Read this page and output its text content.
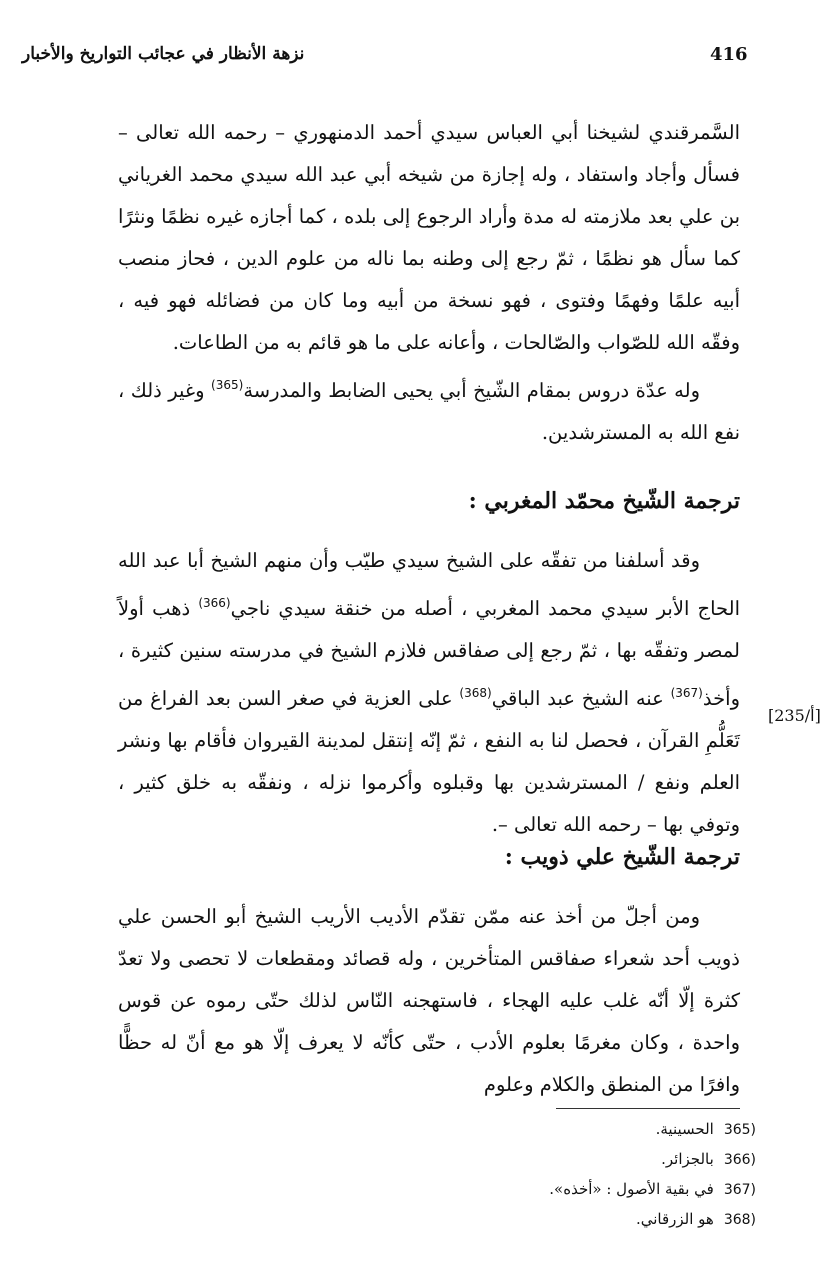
نزهة الأنظار في عجائب التواريخ والأخبار	416

السَّمرقندي لشيخنا أبي العباس سيدي أحمد الدمنهوري – رحمه الله تعالى – فسأل وأجاد واستفاد ، وله إجازة من شيخه أبي عبد الله سيدي محمد الغرياني بن علي بعد ملازمته له مدة وأراد الرجوع إلى بلده ، كما أجازه غيره نظمًا ونثرًا كما سأل هو نظمًا ، ثمّ رجع إلى وطنه بما ناله من علوم الدين ، فحاز منصب أبيه علمًا وفهمًا وفتوى ، فهو نسخة من أبيه وما كان من فضائله فهو فيه ، وفقّه الله للصّواب والصّالحات ، وأعانه على ما هو قائم به من الطاعات.

وله عدّة دروس بمقام الشّيخ أبي يحيى الضابط والمدرسة$^{(365)}$ وغير ذلك ، نفع الله به المسترشدين.

ترجمة الشّيخ محمّد المغربي :

وقد أسلفنا من تفقّه على الشيخ سيدي طيّب وأن منهم الشيخ أبا عبد الله الحاج الأبر سيدي محمد المغربي ، أصله من خنقة سيدي ناجي$^{(366)}$ ذهب أولاً لمصر وتفقّه بها ، ثمّ رجع إلى صفاقس فلازم الشيخ في مدرسته سنين كثيرة ، وأخذ$^{(367)}$ عنه الشيخ عبد الباقي$^{(368)}$ على العزية في صغر السن بعد الفراغ من تَعَلُّمِ القرآن ، فحصل لنا به النفع ، ثمّ إنّه إنتقل لمدينة القيروان فأقام بها ونشر العلم ونفع / المسترشدين بها وقبلوه وأكرموا نزله ، ونفقّه به خلق كثير ، وتوفي بها – رحمه الله تعالى –.

[235/أ]
ترجمة الشّيخ علي ذويب :

ومن أجلّ من أخذ عنه ممّن تقدّم الأديب الأريب الشيخ أبو الحسن علي ذويب أحد شعراء صفاقس المتأخرين ، وله قصائد ومقطعات لا تحصى ولا تعدّ كثرة إلّا أنّه غلب عليه الهجاء ، فاستهجنه النّاس لذلك حتّى رموه عن قوس واحدة ، وكان مغرمًا بعلوم الأدب ، حتّى كأنّه لا يعرف إلّا هو مع أنّ له حظًّا وافرًا من المنطق والكلام وعلوم

365)الحسينية.
366)بالجزائر.
367)في بقية الأصول : «أخذه».
368)هو الزرقاني.
